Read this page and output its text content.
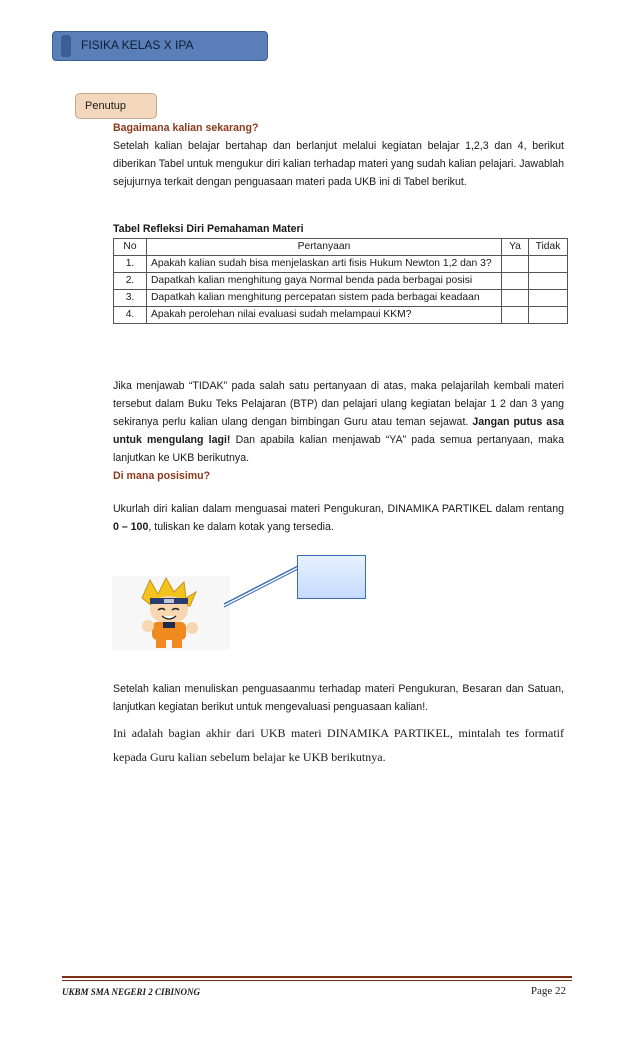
FISIKA KELAS X IPA
Penutup
Bagaimana kalian sekarang?
Setelah kalian belajar bertahap dan berlanjut melalui kegiatan belajar 1,2,3 dan 4, berikut diberikan Tabel untuk mengukur diri kalian terhadap materi yang sudah kalian pelajari. Jawablah sejujurnya terkait dengan penguasaan materi pada UKB ini di Tabel berikut.
Tabel Refleksi Diri Pemahaman Materi
No	Pertanyaan	Ya	Tidak
1.	Apakah kalian sudah bisa menjelaskan arti fisis Hukum Newton 1,2 dan 3?		
2.	Dapatkah kalian menghitung gaya Normal benda pada berbagai posisi		
3.	Dapatkah kalian menghitung percepatan sistem pada berbagai keadaan		
4.	Apakah perolehan nilai evaluasi sudah melampaui KKM?		
Jika menjawab “TIDAK” pada salah satu pertanyaan di atas, maka pelajarilah kembali materi tersebut dalam Buku Teks Pelajaran (BTP) dan pelajari ulang kegiatan belajar 1 2 dan 3 yang sekiranya perlu kalian ulang dengan bimbingan Guru atau teman sejawat. Jangan putus asa untuk mengulang lagi! Dan apabila kalian menjawab “YA” pada semua pertanyaan, maka lanjutkan ke UKB berikutnya.
Di mana posisimu?
Ukurlah diri kalian dalam menguasai materi Pengukuran, DINAMIKA PARTIKEL dalam rentang 0 – 100, tuliskan ke dalam kotak yang tersedia.
Setelah kalian menuliskan penguasaanmu terhadap materi Pengukuran, Besaran dan Satuan, lanjutkan kegiatan berikut untuk mengevaluasi penguasaan kalian!.
Ini adalah bagian akhir dari UKB materi DINAMIKA PARTIKEL, mintalah tes formatif kepada Guru kalian sebelum belajar ke UKB berikutnya.
UKBM SMA NEGERI 2 CIBINONG	Page 22
